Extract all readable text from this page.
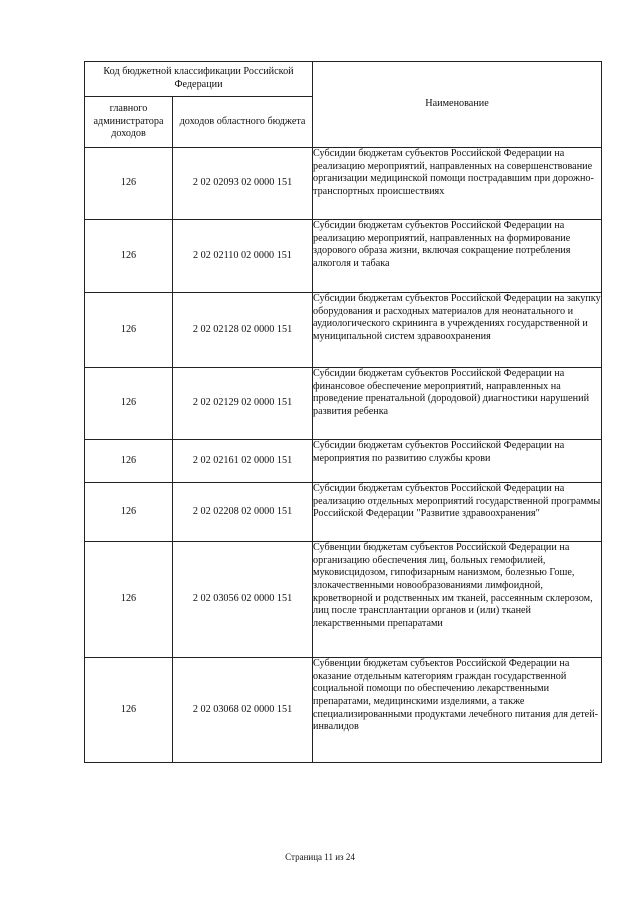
Код бюджетной классификации Российской Федерации		Наименование
главного администратора доходов	доходов областного бюджета	
126	2 02 02093 02 0000 151	Субсидии бюджетам субъектов Российской Федерации на реализацию мероприятий, направленных на совершенствование организации медицинской помощи пострадавшим при дорожно-транспортных происшествиях
126	2 02 02110 02 0000 151	Субсидии бюджетам субъектов Российской Федерации на реализацию мероприятий, направленных на формирование здорового образа жизни, включая сокращение потребления алкоголя и табака
126	2 02 02128 02 0000 151	Субсидии бюджетам субъектов Российской Федерации на закупку оборудования и расходных материалов для неонатального и аудиологического скрининга в учреждениях государственной и муниципальной систем здравоохранения
126	2 02 02129 02 0000 151	Субсидии бюджетам субъектов Российской Федерации на финансовое обеспечение мероприятий, направленных на проведение пренатальной (дородовой) диагностики нарушений развития ребенка
126	2 02 02161 02 0000 151	Субсидии бюджетам субъектов Российской Федерации на мероприятия по развитию службы крови
126	2 02 02208 02 0000 151	Субсидии бюджетам субъектов Российской Федерации на реализацию отдельных мероприятий государственной программы Российской Федерации "Развитие здравоохранения"
126	2 02 03056 02 0000 151	Субвенции бюджетам субъектов Российской Федерации на организацию обеспечения лиц, больных гемофилией, муковисцидозом, гипофизарным нанизмом, болезнью Гоше, злокачественными новообразованиями лимфоидной, кроветворной и родственных им тканей, рассеянным склерозом, лиц после трансплантации органов и (или) тканей лекарственными препаратами
126	2 02 03068 02 0000 151	Субвенции бюджетам субъектов Российской Федерации на оказание отдельным категориям граждан государственной социальной помощи по обеспечению лекарственными препаратами, медицинскими изделиями, а также специализированными продуктами лечебного питания для детей-инвалидов
Страница 11 из 24
